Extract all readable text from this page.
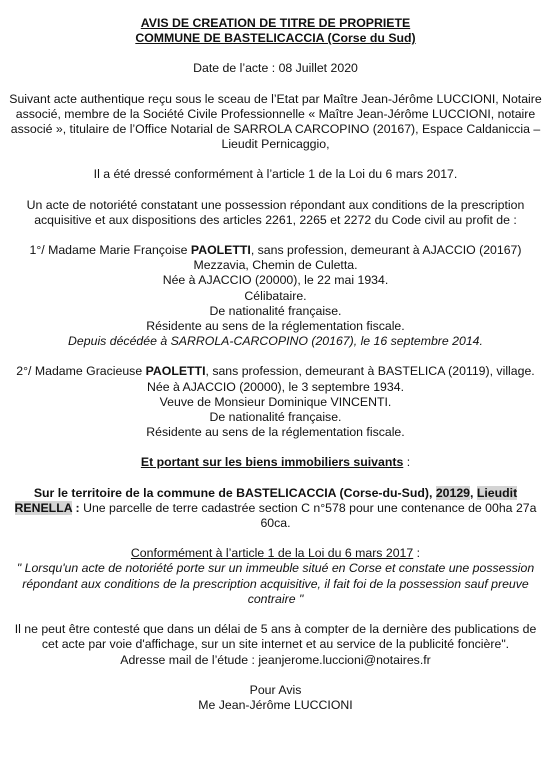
AVIS DE CREATION DE TITRE DE PROPRIETE
COMMUNE DE BASTELICACCIA (Corse du Sud)

Date de l’acte : 08 Juillet 2020

Suivant acte authentique reçu sous le sceau de l’Etat par Maître Jean-Jérôme LUCCIONI, Notaire associé, membre de la Société Civile Professionnelle « Maître Jean-Jérôme LUCCIONI, notaire associé », titulaire de l’Office Notarial de SARROLA CARCOPINO (20167), Espace Caldaniccia – Lieudit Pernicaggio,

Il a été dressé conformément à l’article 1 de la Loi du 6 mars 2017.

Un acte de notoriété constatant une possession répondant aux conditions de la prescription acquisitive et aux dispositions des articles 2261, 2265 et 2272 du Code civil au profit de :

1°/ Madame Marie Françoise PAOLETTI, sans profession, demeurant à AJACCIO (20167) Mezzavia, Chemin de Culetta.
Née à AJACCIO (20000), le 22 mai 1934.
Célibataire.
De nationalité française.
Résidente au sens de la réglementation fiscale.
Depuis décédée à SARROLA-CARCOPINO (20167), le 16 septembre 2014.
2°/ Madame Gracieuse PAOLETTI, sans profession, demeurant à BASTELICA (20119), village.
Née à AJACCIO (20000), le 3 septembre 1934.
Veuve de Monsieur Dominique VINCENTI.
De nationalité française.
Résidente au sens de la réglementation fiscale.

Et portant sur les biens immobiliers suivants :

Sur le territoire de la commune de BASTELICACCIA (Corse-du-Sud), 20129, Lieudit RENELLA : Une parcelle de terre cadastrée section C n°578 pour une contenance de 00ha 27a 60ca.

Conformément à l’article 1 de la Loi du 6 mars 2017 :
" Lorsqu'un acte de notoriété porte sur un immeuble situé en Corse et constate une possession répondant aux conditions de la prescription acquisitive, il fait foi de la possession sauf preuve contraire "
Il ne peut être contesté que dans un délai de 5 ans à compter de la dernière des publications de cet acte par voie d'affichage, sur un site internet et au service de la publicité foncière".
Adresse mail de l’étude : jeanjerome.luccioni@notaires.fr
Pour Avis
Me Jean-Jérôme LUCCIONI
